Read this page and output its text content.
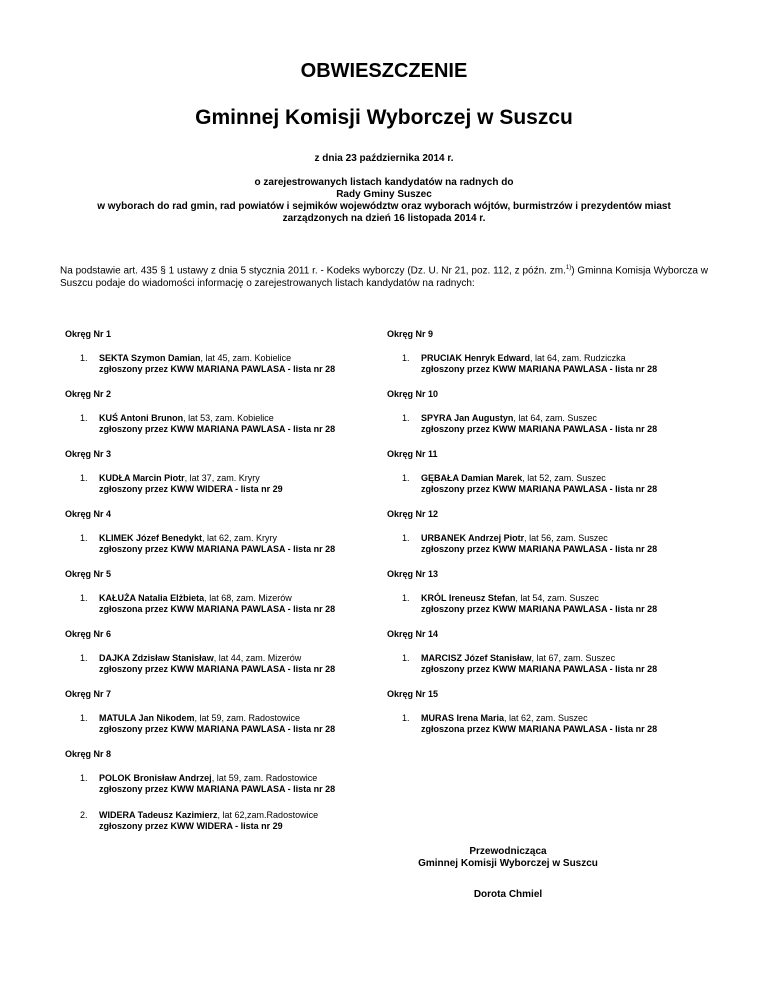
OBWIESZCZENIE
Gminnej Komisji Wyborczej w Suszcu
z dnia 23 października 2014 r.
o zarejestrowanych listach kandydatów na radnych do
Rady Gminy Suszec
w wyborach do rad gmin, rad powiatów i sejmików województw oraz wyborach wójtów, burmistrzów i prezydentów miast
zarządzonych na dzień 16 listopada 2014 r.
Na podstawie art. 435 § 1 ustawy z dnia 5 stycznia 2011 r. - Kodeks wyborczy (Dz. U. Nr 21, poz. 112, z późn. zm.$^{1)}$) Gminna Komisja Wyborcza w Suszcu podaje do wiadomości informację o zarejestrowanych listach kandydatów na radnych:
Okręg Nr 1
1. SEKTA Szymon Damian, lat 45, zam. Kobielice
zgłoszony przez KWW MARIANA PAWLASA - lista nr 28
Okręg Nr 2
1. KUŚ Antoni Brunon, lat 53, zam. Kobielice
zgłoszony przez KWW MARIANA PAWLASA - lista nr 28
Okręg Nr 3
1. KUDŁA Marcin Piotr, lat 37, zam. Kryry
zgłoszony przez KWW WIDERA - lista nr 29
Okręg Nr 4
1. KLIMEK Józef Benedykt, lat 62, zam. Kryry
zgłoszony przez KWW MARIANA PAWLASA - lista nr 28
Okręg Nr 5
1. KAŁUŻA Natalia Elżbieta, lat 68, zam. Mizerów
zgłoszona przez KWW MARIANA PAWLASA - lista nr 28
Okręg Nr 6
1. DAJKA Zdzisław Stanisław, lat 44, zam. Mizerów
zgłoszony przez KWW MARIANA PAWLASA - lista nr 28
Okręg Nr 7
1. MATULA Jan Nikodem, lat 59, zam. Radostowice
zgłoszony przez KWW MARIANA PAWLASA - lista nr 28
Okręg Nr 8
1. POLOK Bronisław Andrzej, lat 59, zam. Radostowice
zgłoszony przez KWW MARIANA PAWLASA - lista nr 28
2. WIDERA Tadeusz Kazimierz, lat 62,zam.Radostowice
zgłoszony przez KWW WIDERA - lista nr 29
Okręg Nr 9
1. PRUCIAK Henryk Edward, lat 64, zam. Rudziczka
zgłoszony przez KWW MARIANA PAWLASA - lista nr 28
Okręg Nr 10
1. SPYRA Jan Augustyn, lat 64, zam. Suszec
zgłoszony przez KWW MARIANA PAWLASA - lista nr 28
Okręg Nr 11
1. GĘBAŁA Damian Marek, lat 52, zam. Suszec
zgłoszony przez KWW MARIANA PAWLASA - lista nr 28
Okręg Nr 12
1. URBANEK Andrzej Piotr, lat 56, zam. Suszec
zgłoszony przez KWW MARIANA PAWLASA - lista nr 28
Okręg Nr 13
1. KRÓL Ireneusz Stefan, lat 54, zam. Suszec
zgłoszony przez KWW MARIANA PAWLASA - lista nr 28
Okręg Nr 14
1. MARCISZ Józef Stanisław, lat 67, zam. Suszec
zgłoszony przez KWW MARIANA PAWLASA - lista nr 28
Okręg Nr 15
1. MURAS Irena Maria, lat 62, zam. Suszec
zgłoszona przez KWW MARIANA PAWLASA - lista nr 28
Przewodnicząca
Gminnej Komisji Wyborczej w Suszcu
Dorota Chmiel
